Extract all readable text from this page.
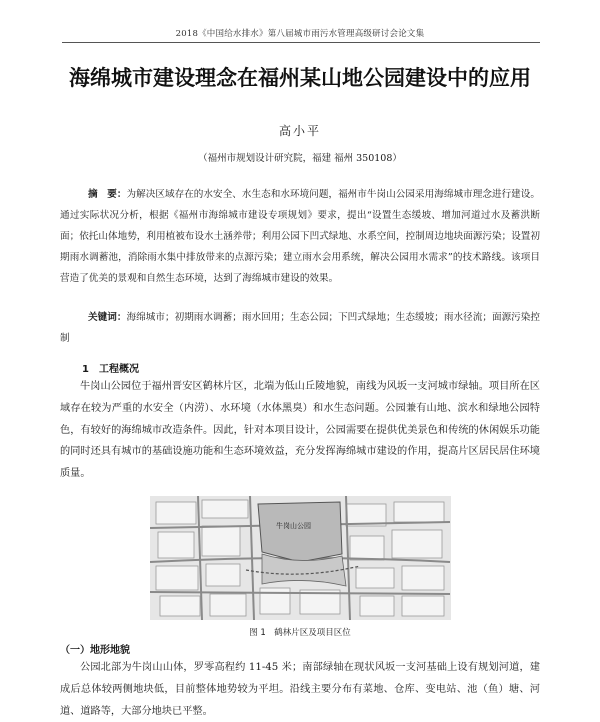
2018《中国给水排水》第八届城市雨污水管理高级研讨会论文集
海绵城市建设理念在福州某山地公园建设中的应用
高小平
（福州市规划设计研究院，福建 福州 350108）
摘　要：为解决区域存在的水安全、水生态和水环境问题，福州市牛岗山公园采用海绵城市理念进行建设。通过实际状况分析，根据《福州市海绵城市建设专项规划》要求，提出“设置生态缓坡、增加河道过水及蓄洪断面；依托山体地势，利用植被布设水土涵养带；利用公园下凹式绿地、水系空间，控制周边地块面源污染；设置初期雨水调蓄池，消除雨水集中排放带来的点源污染；建立雨水会用系统，解决公园用水需求”的技术路线。该项目营造了优美的景观和自然生态环境，达到了海绵城市建设的效果。
关键词：海绵城市；初期雨水调蓄；雨水回用；生态公园；下凹式绿地；生态缓坡；雨水径流；面源污染控制
1　工程概况
牛岗山公园位于福州晋安区鹤林片区，北端为低山丘陵地貌，南线为风坂一支河城市绿轴。项目所在区域存在较为严重的水安全（内涝）、水环境（水体黑臭）和水生态问题。公园兼有山地、滨水和绿地公园特色，有较好的海绵城市改造条件。因此，针对本项目设计，公园需要在提供优美景色和传统的休闲娱乐功能的同时还具有城市的基础设施功能和生态环境效益，充分发挥海绵城市建设的作用，提高片区居民居住环境质量。
牛岗山公园
图 1　鹤林片区及项目区位
（一）地形地貌
公园北部为牛岗山山体，罗零高程约 11-45 米；南部绿轴在现状风坂一支河基础上设有规划河道，建成后总体较两侧地块低，目前整体地势较为平坦。沿线主要分布有菜地、仓库、变电站、池（鱼）塘、河道、道路等，大部分地块已平整。
